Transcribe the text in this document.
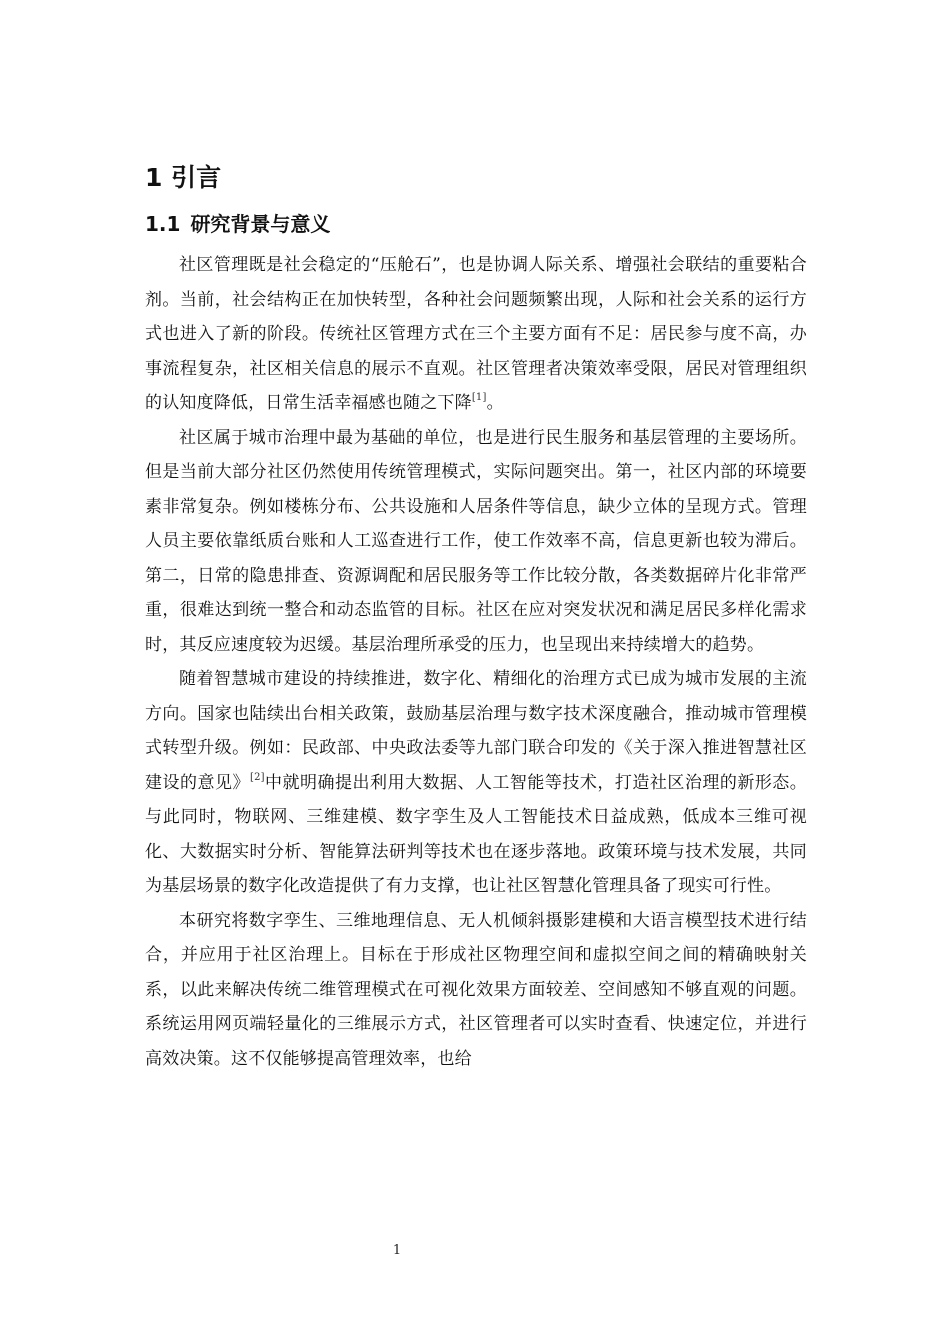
1 引言
1.1 研究背景与意义

社区管理既是社会稳定的“压舱石”，也是协调人际关系、增强社会联结的重要粘合剂。当前，社会结构正在加快转型，各种社会问题频繁出现，人际和社会关系的运行方式也进入了新的阶段。传统社区管理方式在三个主要方面有不足：居民参与度不高，办事流程复杂，社区相关信息的展示不直观。社区管理者决策效率受限，居民对管理组织的认知度降低，日常生活幸福感也随之下降[1]。

社区属于城市治理中最为基础的单位，也是进行民生服务和基层管理的主要场所。但是当前大部分社区仍然使用传统管理模式，实际问题突出。第一，社区内部的环境要素非常复杂。例如楼栋分布、公共设施和人居条件等信息，缺少立体的呈现方式。管理人员主要依靠纸质台账和人工巡查进行工作，使工作效率不高，信息更新也较为滞后。第二，日常的隐患排查、资源调配和居民服务等工作比较分散，各类数据碎片化非常严重，很难达到统一整合和动态监管的目标。社区在应对突发状况和满足居民多样化需求时，其反应速度较为迟缓。基层治理所承受的压力，也呈现出来持续增大的趋势。

随着智慧城市建设的持续推进，数字化、精细化的治理方式已成为城市发展的主流方向。国家也陆续出台相关政策，鼓励基层治理与数字技术深度融合，推动城市管理模式转型升级。例如：民政部、中央政法委等九部门联合印发的《关于深入推进智慧社区建设的意见》[2]中就明确提出利用大数据、人工智能等技术，打造社区治理的新形态。与此同时，物联网、三维建模、数字孪生及人工智能技术日益成熟，低成本三维可视化、大数据实时分析、智能算法研判等技术也在逐步落地。政策环境与技术发展，共同为基层场景的数字化改造提供了有力支撑，也让社区智慧化管理具备了现实可行性。

本研究将数字孪生、三维地理信息、无人机倾斜摄影建模和大语言模型技术进行结合，并应用于社区治理上。目标在于形成社区物理空间和虚拟空间之间的精确映射关系，以此来解决传统二维管理模式在可视化效果方面较差、空间感知不够直观的问题。系统运用网页端轻量化的三维展示方式，社区管理者可以实时查看、快速定位，并进行高效决策。这不仅能够提高管理效率，也给

1
